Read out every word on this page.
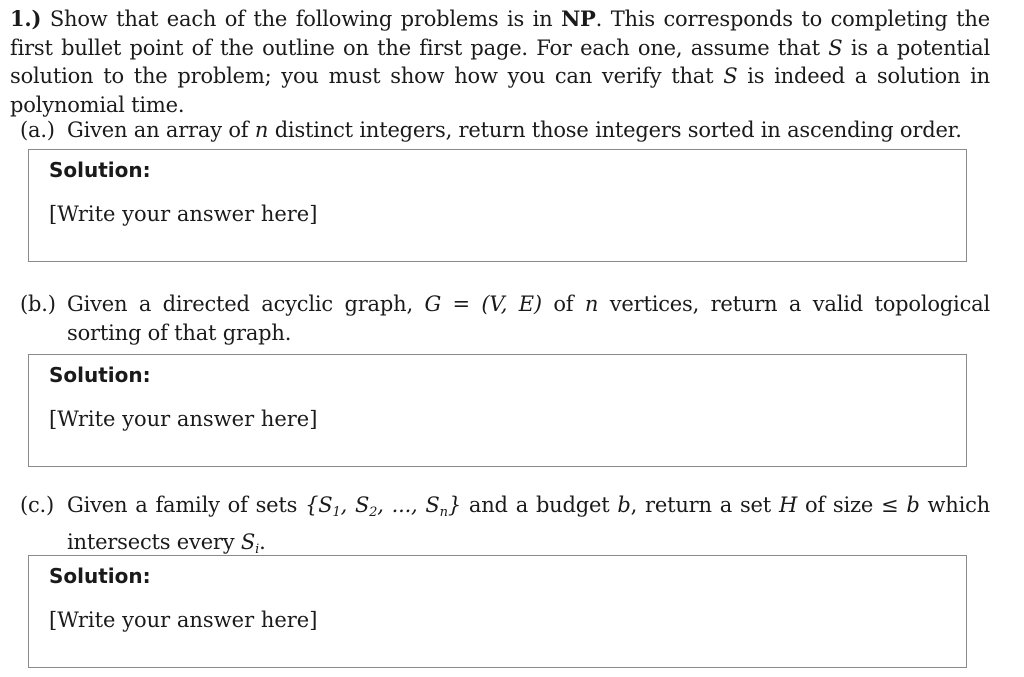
1.) Show that each of the following problems is in NP. This corresponds to completing the first bullet point of the outline on the first page. For each one, assume that S is a potential solution to the problem; you must show how you can verify that S is indeed a solution in polynomial time.

(a.) Given an array of n distinct integers, return those integers sorted in ascending order.

Solution:

[Write your answer here]

(b.) Given a directed acyclic graph, G = (V, E) of n vertices, return a valid topological sorting of that graph.

Solution:

[Write your answer here]

(c.) Given a family of sets {$S_1$, $S_2$, ..., $S_n$} and a budget b, return a set H of size ≤ b which intersects every $S_i$.

Solution:

[Write your answer here]
